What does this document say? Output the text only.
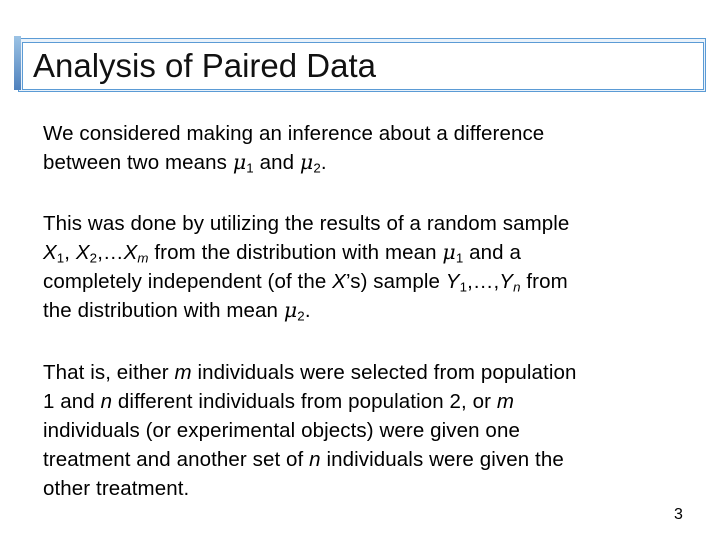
Analysis of Paired Data

We considered making an inference about a difference
between two means $\mu_1$ and $\mu_2$.

This was done by utilizing the results of a random sample
$X_1$, $X_2,\dots X_m$ from the distribution with mean $\mu_1$ and a
completely independent (of the X’s) sample $Y_1,\dots,Y_n$ from
the distribution with mean $\mu_2$.

That is, either m individuals were selected from population
1 and n different individuals from population 2, or m
individuals (or experimental objects) were given one
treatment and another set of n individuals were given the
other treatment.

3
